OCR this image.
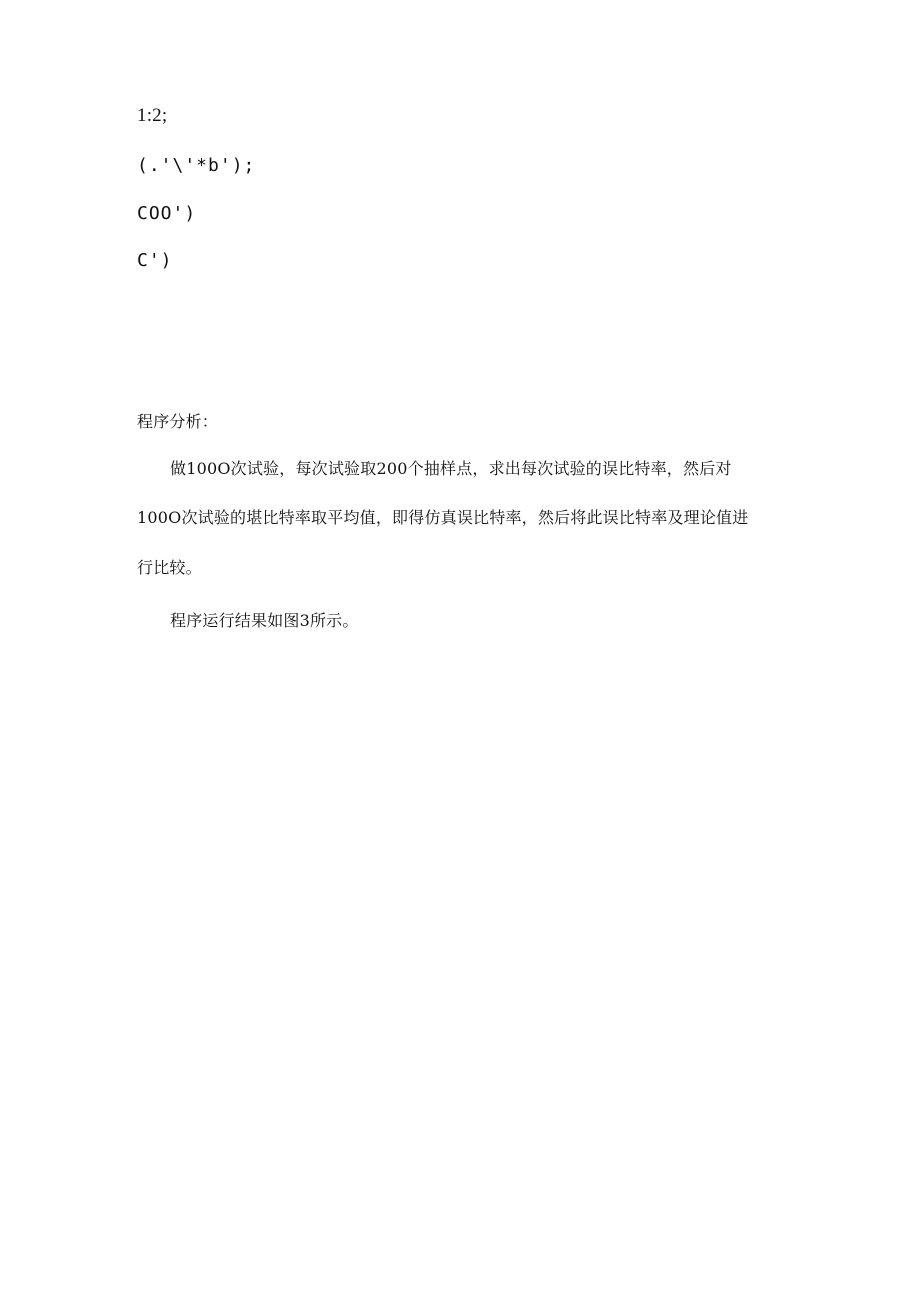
1:2;
(.'\'*b');
COO')
C')
程序分析：
做100O次试验，每次试验取200个抽样点，求出每次试验的误比特率，然后对
100O次试验的堪比特率取平均值，即得仿真误比特率，然后将此误比特率及理论值进
行比较。
程序运行结果如图3所示。
